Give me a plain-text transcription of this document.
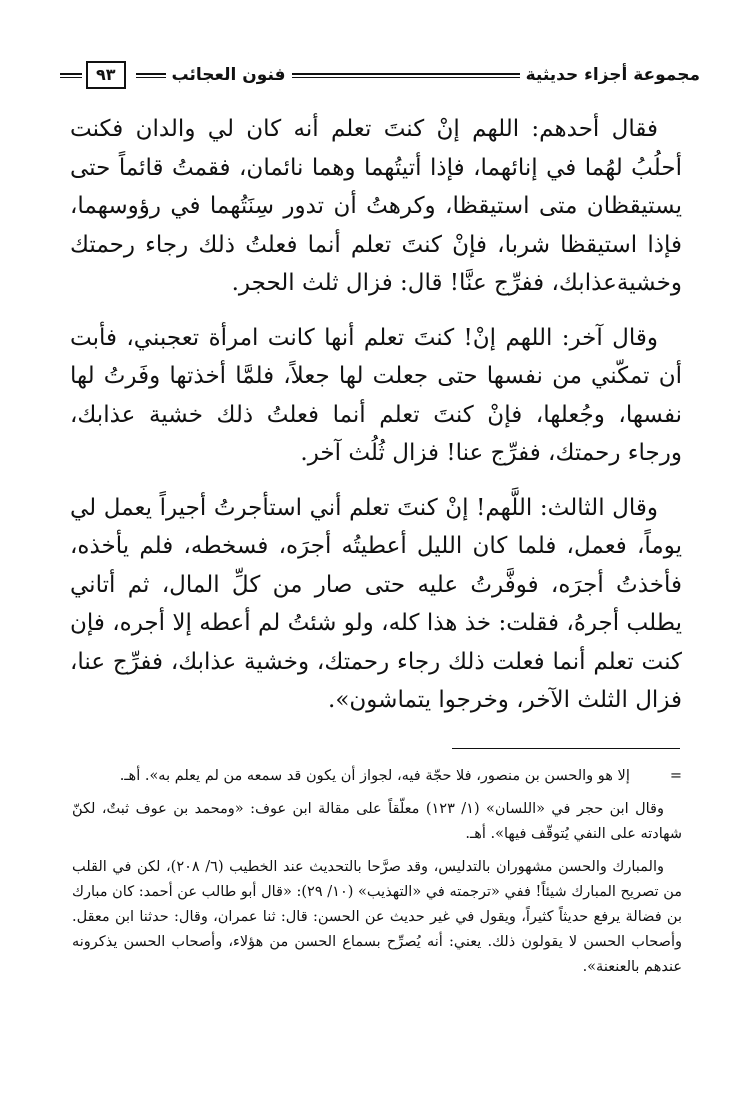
مجموعة أجزاء حديثية
فنون العجائب
٩٣

فقال أحدهم: اللهم إنْ كنتَ تعلم أنه كان لي والدان فكنت أحلُبُ لهُما في إنائهما، فإذا أتيتُهما وهما نائمان، فقمتُ قائماً حتى يستيقظان متى استيقظا، وكرهتُ أن تدور سِنَتُهما في رؤوسهما، فإذا استيقظا شربا، فإنْ كنتَ تعلم أنما فعلتُ ذلك رجاء رحمتك وخشيةعذابك، ففرِّج عنَّا! قال: فزال ثلث الحجر.

وقال آخر: اللهم إنْ! كنتَ تعلم أنها كانت امرأة تعجبني، فأبت أن تمكّني من نفسها حتى جعلت لها جعلاً، فلمَّا أخذتها وفَرتُ لها نفسها، وجُعلها، فإنْ كنتَ تعلم أنما فعلتُ ذلك خشية عذابك، ورجاء رحمتك، ففرِّج عنا! فزال ثُلُث آخر.

وقال الثالث: اللَّهم! إنْ كنتَ تعلم أني استأجرتُ أجيراً يعمل لي يوماً، فعمل، فلما كان الليل أعطيتُه أجرَه، فسخطه، فلم يأخذه، فأخذتُ أجرَه، فوفَّرتُ عليه حتى صار من كلِّ المال، ثم أتاني يطلب أجرهُ، فقلت: خذ هذا كله، ولو شئتُ لم أعطه إلا أجره، فإن كنت تعلم أنما فعلت ذلك رجاء رحمتك، وخشية عذابك، ففرِّج عنا، فزال الثلث الآخر، وخرجوا يتماشون».

=إلا هو والحسن بن منصور، فلا حجّة فيه، لجواز أن يكون قد سمعه من لم يعلم به». أهـ.

وقال ابن حجر في «اللسان» (١/ ١٢٣) معلّقاً على مقالة ابن عوف: «ومحمد بن عوف ثبتٌ، لكنّ شهادته على النفي يُتوقّف فيها». أهـ.

والمبارك والحسن مشهوران بالتدليس، وقد صرَّحا بالتحديث عند الخطيب (٦/ ٢٠٨)، لكن في القلب من تصريح المبارك شيئاً! ففي «ترجمته في «التهذيب» (١٠/ ٢٩): «قال أبو طالب عن أحمد: كان مبارك بن فضالة يرفع حديثاً كثيراً، ويقول في غير حديث عن الحسن: قال: ثنا عمران، وقال: حدثنا ابن معقل. وأصحاب الحسن لا يقولون ذلك. يعني: أنه يُصرِّح بسماع الحسن من هؤلاء، وأصحاب الحسن يذكرونه عندهم بالعنعنة».
